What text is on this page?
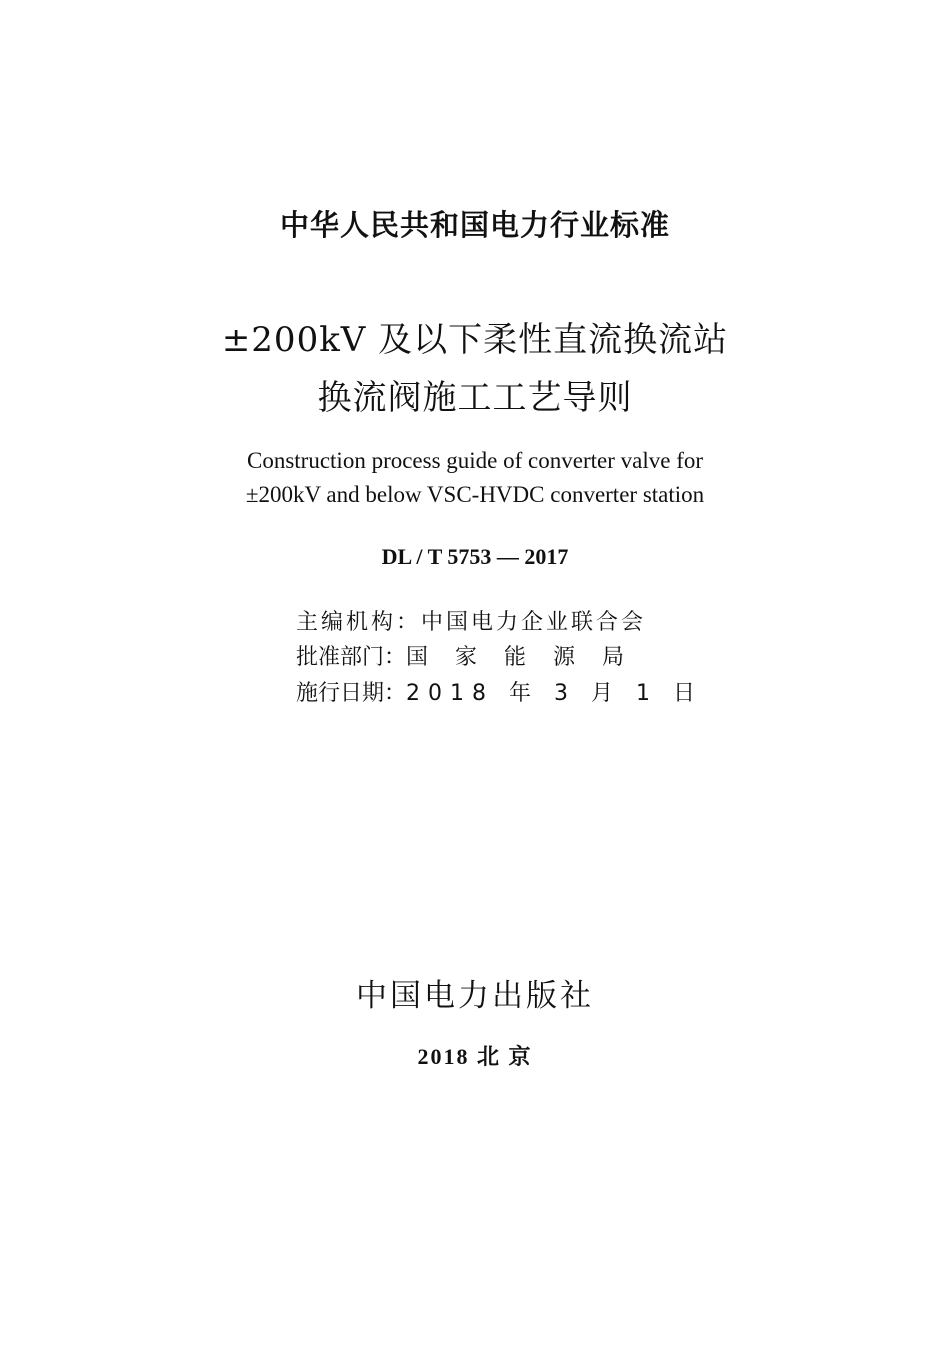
中华人民共和国电力行业标准
±200kV 及以下柔性直流换流站
换流阀施工工艺导则
Construction process guide of converter valve for
±200kV and below VSC-HVDC converter station
DL / T 5753 — 2017
主编机构：中国电力企业联合会
批准部门：国家能源局
施行日期：2018 年 3 月 1 日
中国电力出版社
2018 北 京
